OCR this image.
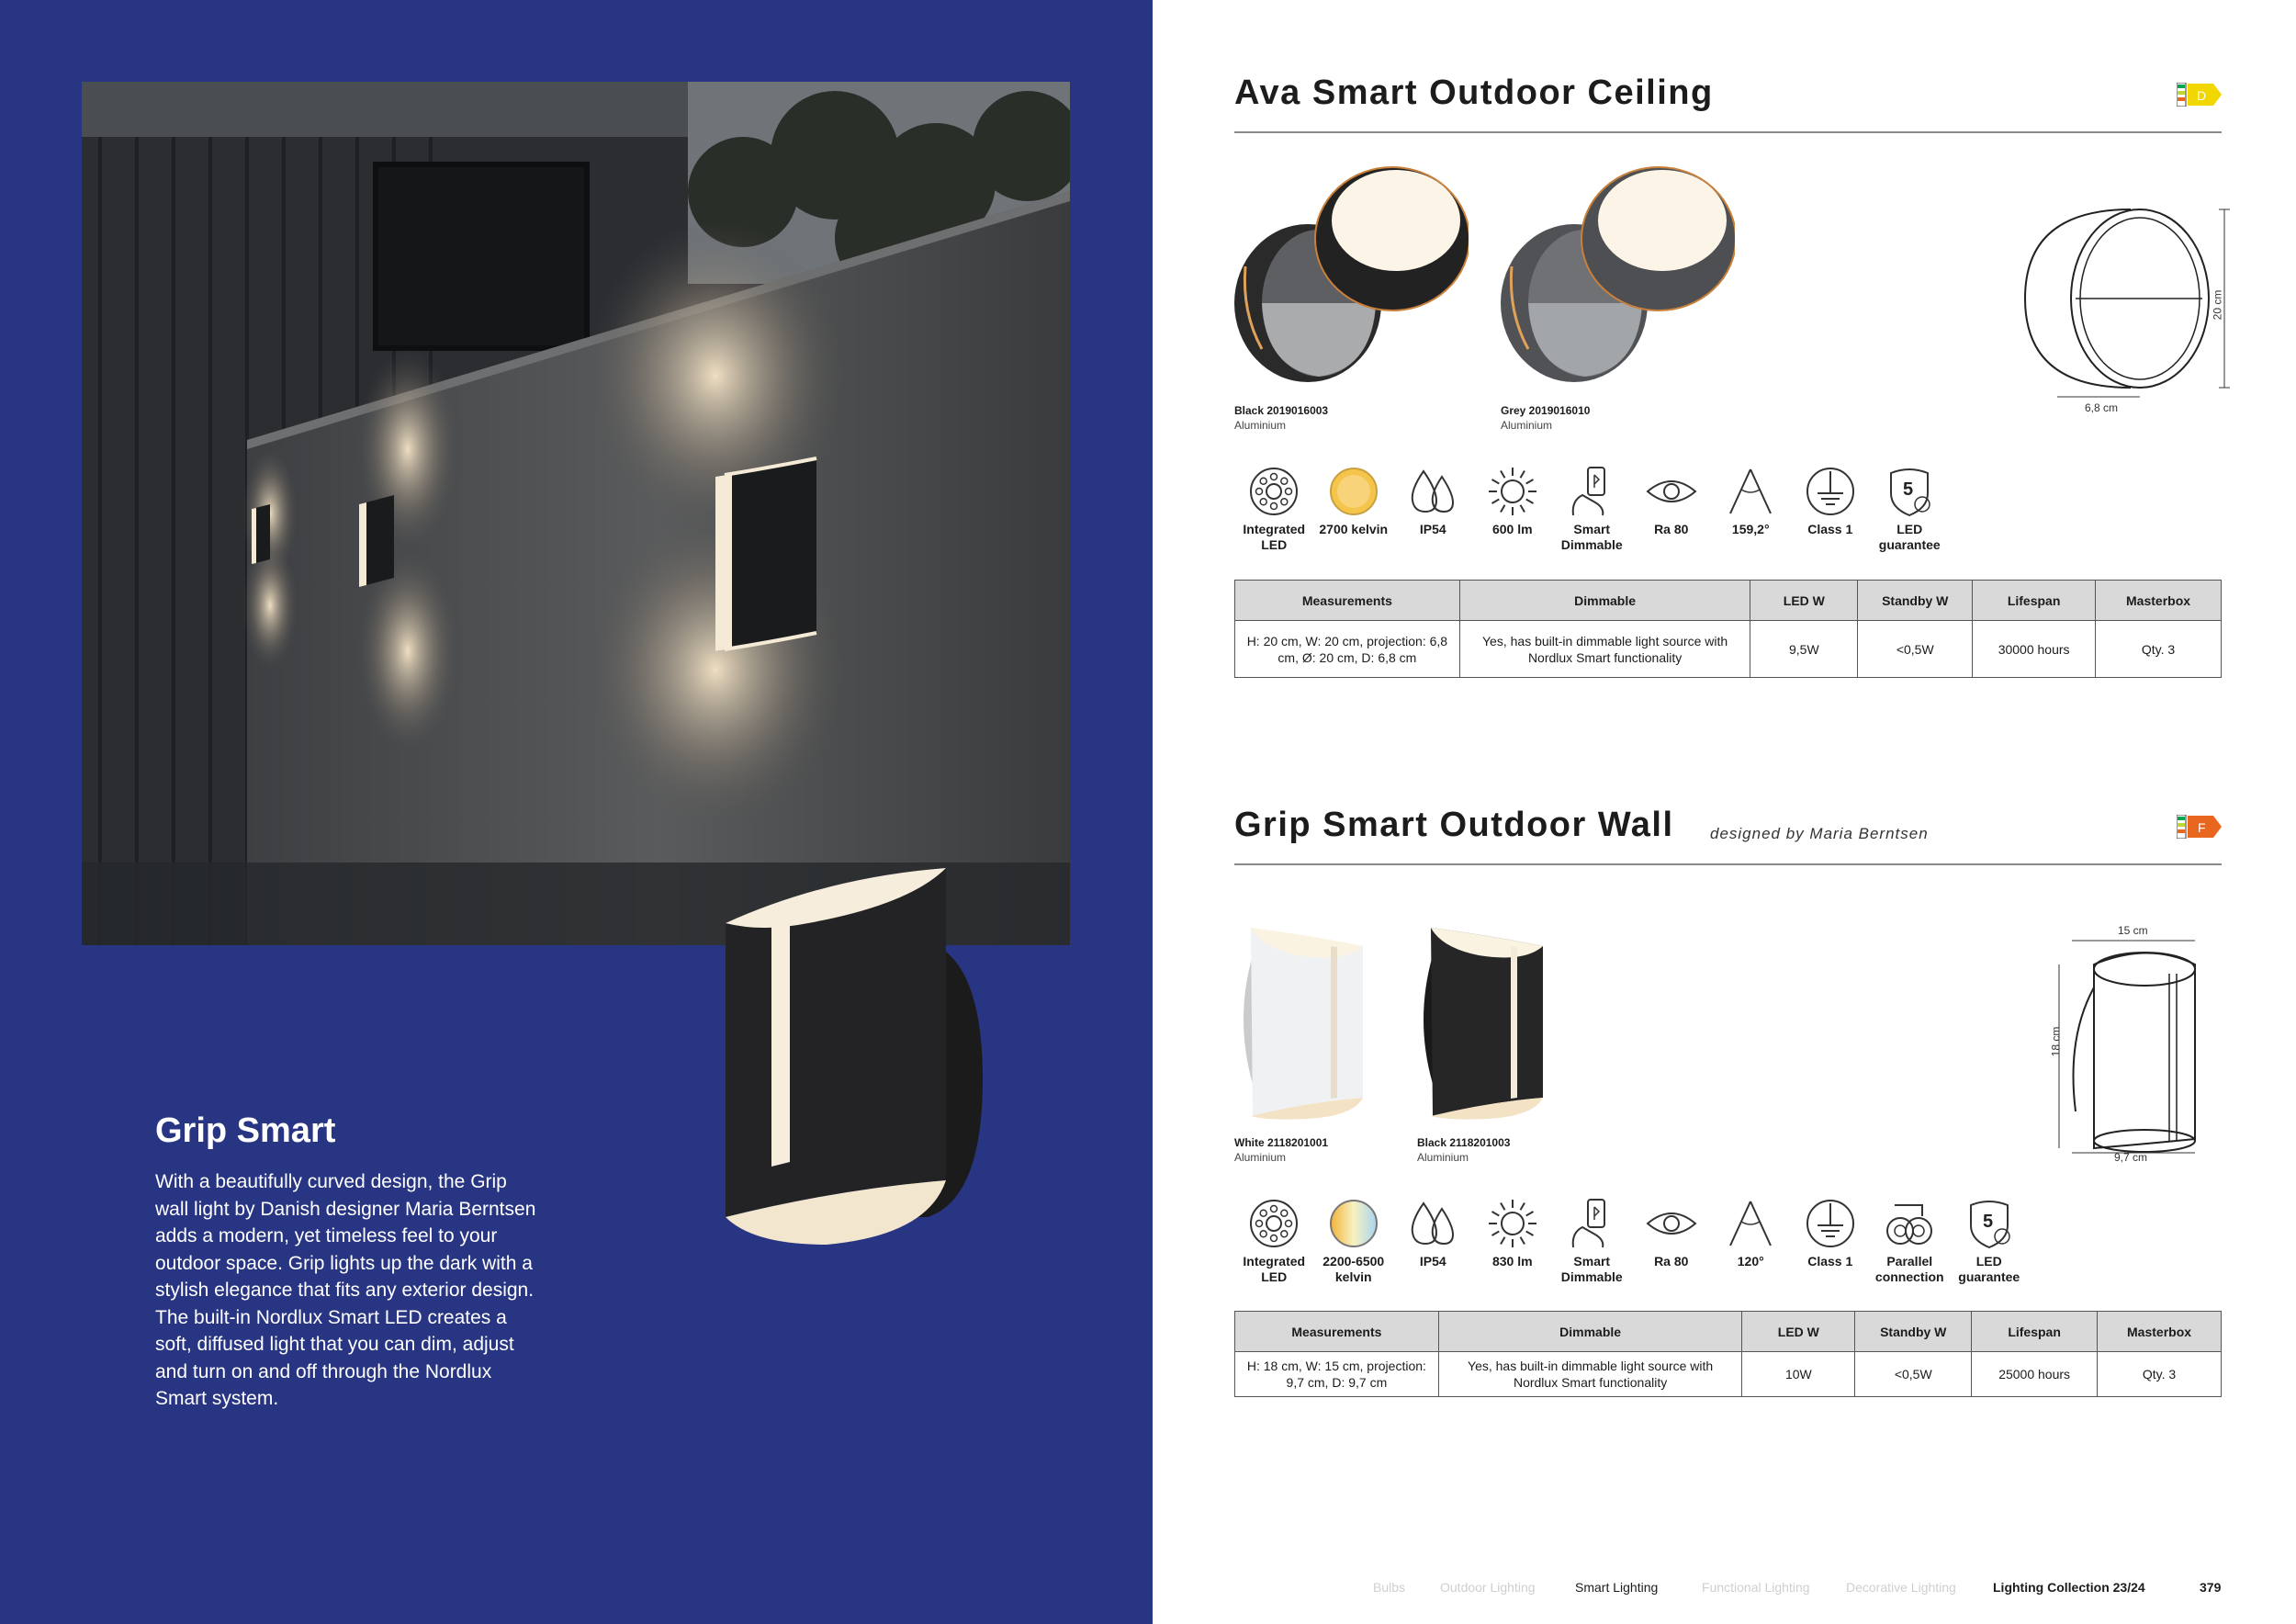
Grip Smart
With a beautifully curved design, the Grip wall light by Danish designer Maria Berntsen adds a modern, yet timeless feel to your outdoor space. Grip lights up the dark with a stylish elegance that fits any exterior design. The built-in Nordlux Smart LED creates a soft, diffused light that you can dim, adjust and turn on and off through the Nordlux Smart system.
Ava Smart Outdoor Ceiling	D
Black 2019016003
Aluminium
Grey 2019016010
Aluminium
6,8 cm
20 cm
Integrated LED
2700 kelvin IP54	600 lm	Smart Dimmable
Ra 80	159,2°	Class 1
5
LED guarantee
Measurements	Dimmable	LED W	Standby W	Lifespan	Masterbox
H: 20 cm, W: 20 cm, projection: 6,8 cm, Ø: 20 cm, D: 6,8 cm	Yes, has built-in dimmable light source with Nordlux Smart functionality	9,5W	<0,5W	30000 hours	Qty. 3
Grip Smart Outdoor Wall designed by Maria Berntsen	F
White 2118201001
Aluminium
Black 2118201003
Aluminium
15 cm
18 cm
9,7 cm
Integrated LED
2200-6500 kelvin
IP54	830 lm	Smart Dimmable
Ra 80	120°	Class 1	Parallel connection
5
LED guarantee
Measurements	Dimmable	LED W	Standby W	Lifespan	Masterbox
H: 18 cm, W: 15 cm, projection: 9,7 cm, D: 9,7 cm	Yes, has built-in dimmable light source with Nordlux Smart functionality	10W	<0,5W	25000 hours	Qty. 3
Bulbs	Outdoor Lighting	Smart Lighting	Functional Lighting	Decorative Lighting	Lighting Collection 23/24	379
